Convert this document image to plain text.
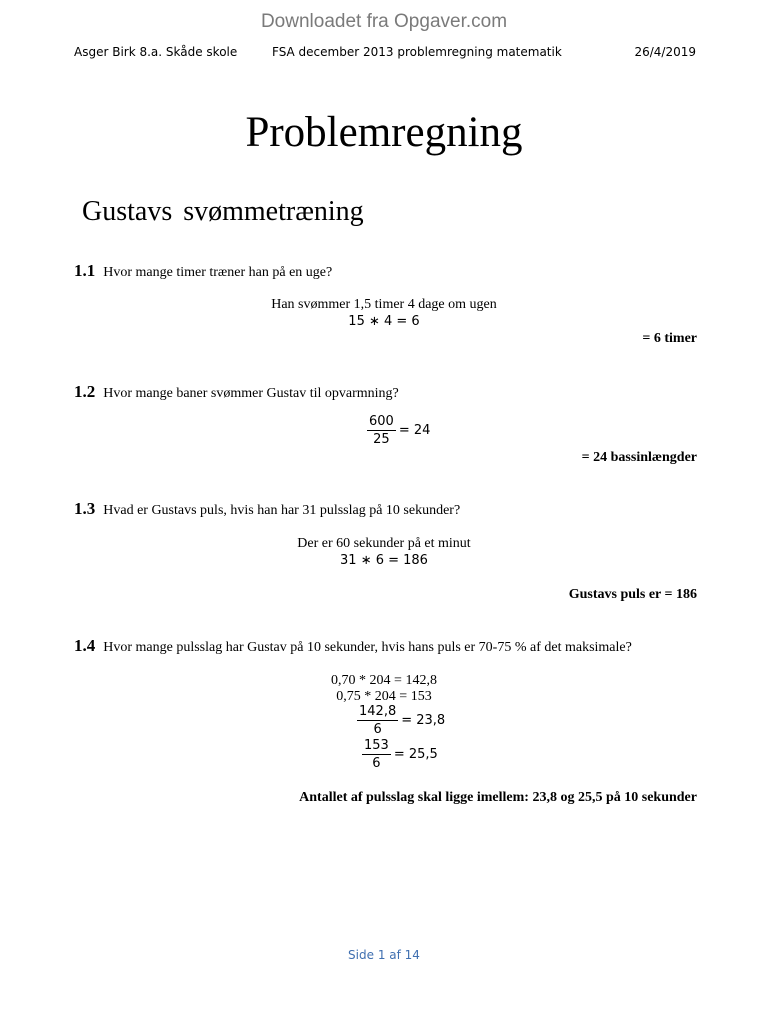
Downloadet fra Opgaver.com
Asger Birk 8.a. Skåde skole	FSA december 2013 problemregning matematik	26/4/2019
Problemregning
Gustavs svømmetræning
1.1 Hvor mange timer træner han på en uge?
Han svømmer 1,5 timer 4 dage om ugen
15 ∗ 4 = 6
= 6 timer
1.2 Hvor mange baner svømmer Gustav til opvarmning?
$\frac{600}{25} = 24$
= 24 bassinlængder
1.3 Hvad er Gustavs puls, hvis han har 31 pulsslag på 10 sekunder?
Der er 60 sekunder på et minut
31 ∗ 6 = 186
Gustavs puls er = 186
1.4 Hvor mange pulsslag har Gustav på 10 sekunder, hvis hans puls er 70-75 % af det maksimale?
0,70 * 204 = 142,8
0,75 * 204 = 153
$\frac{142,8}{6} = 23,8$
$\frac{153}{6} = 25,5$
Antallet af pulsslag skal ligge imellem: 23,8 og 25,5 på 10 sekunder
Side 1 af 14
